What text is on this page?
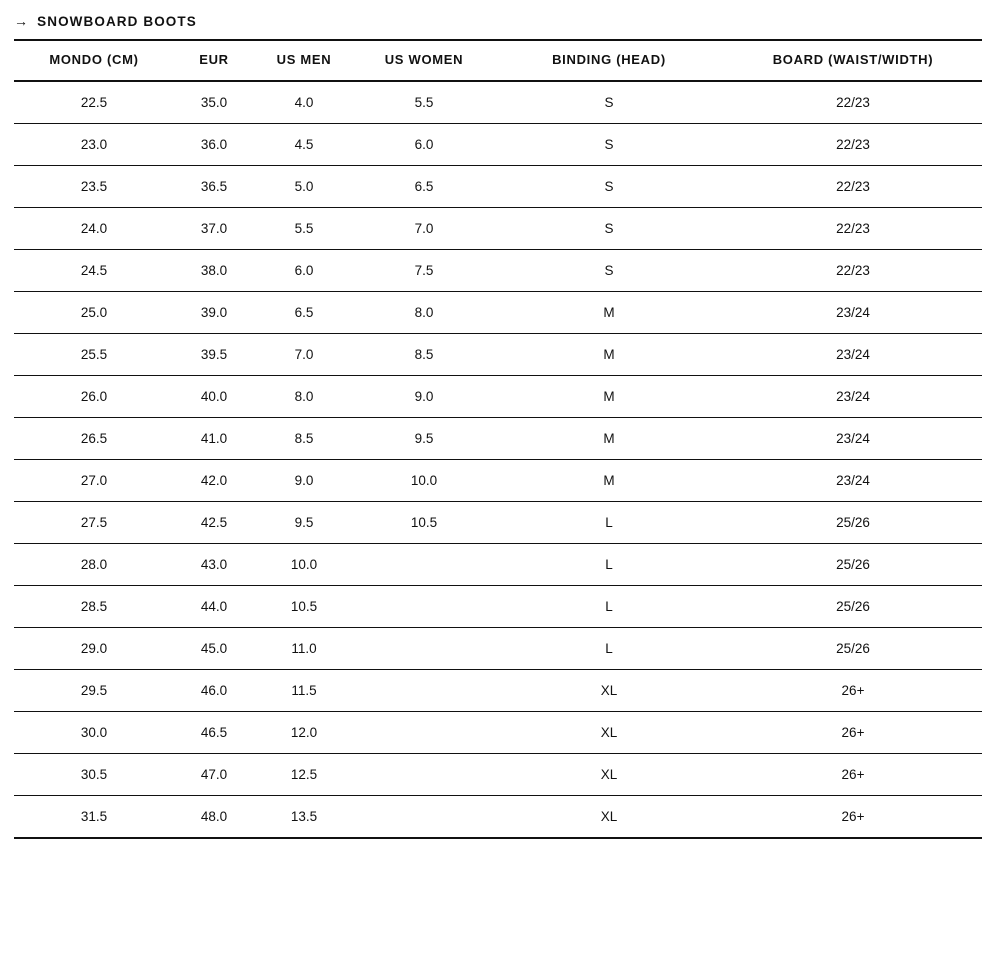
→ SNOWBOARD BOOTS
MONDO (CM)	EUR	US MEN	US WOMEN	BINDING (HEAD)	BOARD (WAIST/WIDTH)
22.5	35.0	4.0	5.5	S	22/23
23.0	36.0	4.5	6.0	S	22/23
23.5	36.5	5.0	6.5	S	22/23
24.0	37.0	5.5	7.0	S	22/23
24.5	38.0	6.0	7.5	S	22/23
25.0	39.0	6.5	8.0	M	23/24
25.5	39.5	7.0	8.5	M	23/24
26.0	40.0	8.0	9.0	M	23/24
26.5	41.0	8.5	9.5	M	23/24
27.0	42.0	9.0	10.0	M	23/24
27.5	42.5	9.5	10.5	L	25/26
28.0	43.0	10.0		L	25/26
28.5	44.0	10.5		L	25/26
29.0	45.0	11.0		L	25/26
29.5	46.0	11.5		XL	26+
30.0	46.5	12.0		XL	26+
30.5	47.0	12.5		XL	26+
31.5	48.0	13.5		XL	26+
